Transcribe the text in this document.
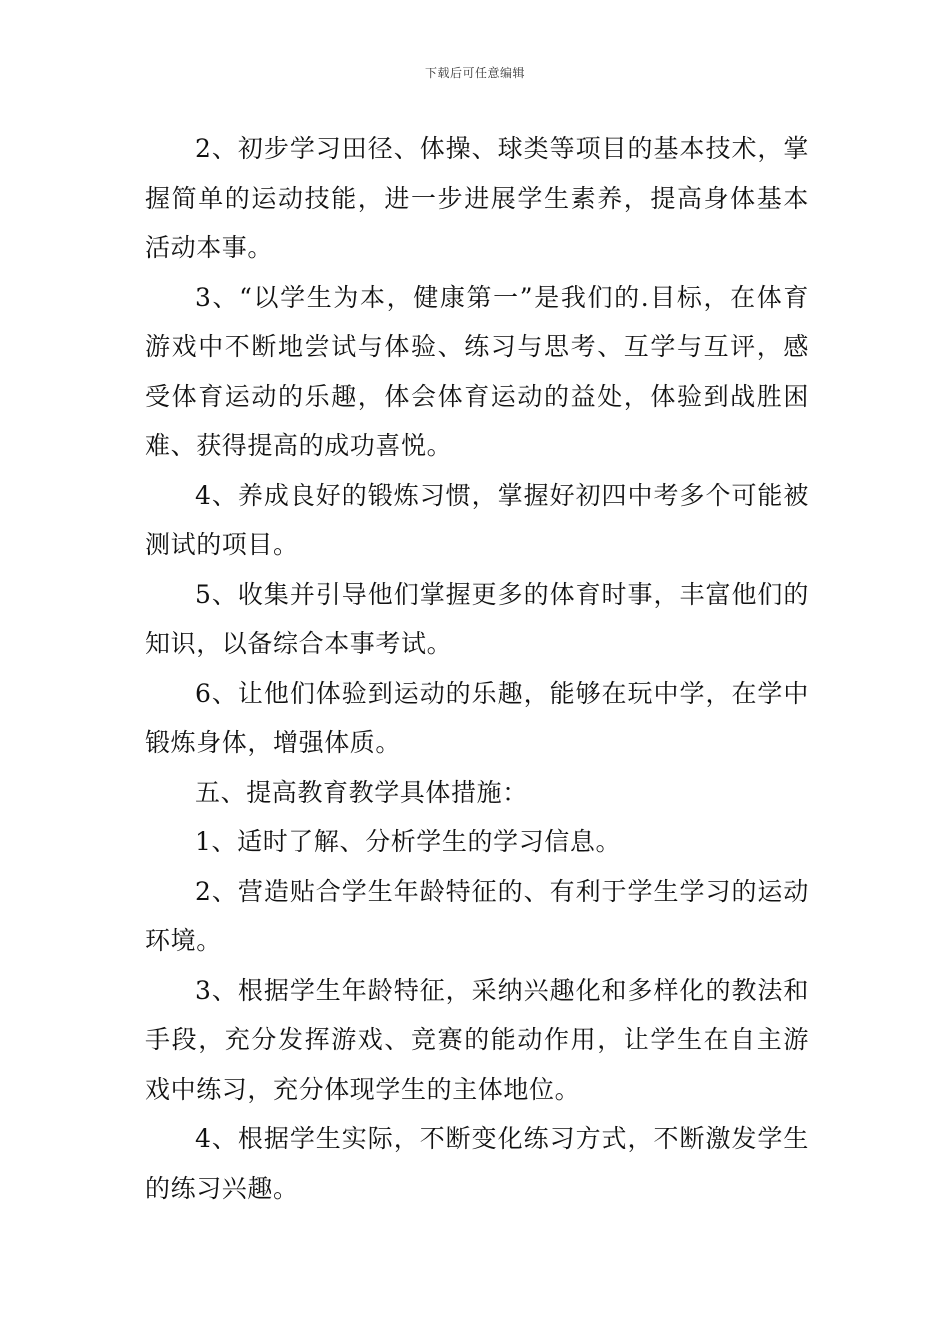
下载后可任意编辑

2、初步学习田径、体操、球类等项目的基本技术，掌握简单的运动技能，进一步进展学生素养，提高身体基本活动本事。

3、“以学生为本，健康第一”是我们的.目标，在体育游戏中不断地尝试与体验、练习与思考、互学与互评，感受体育运动的乐趣，体会体育运动的益处，体验到战胜困难、获得提高的成功喜悦。

4、养成良好的锻炼习惯，掌握好初四中考多个可能被测试的项目。

5、收集并引导他们掌握更多的体育时事，丰富他们的知识，以备综合本事考试。

6、让他们体验到运动的乐趣，能够在玩中学，在学中锻炼身体，增强体质。

五、提高教育教学具体措施：

1、适时了解、分析学生的学习信息。

2、营造贴合学生年龄特征的、有利于学生学习的运动环境。

3、根据学生年龄特征，采纳兴趣化和多样化的教法和手段，充分发挥游戏、竞赛的能动作用，让学生在自主游戏中练习，充分体现学生的主体地位。

4、根据学生实际，不断变化练习方式，不断激发学生的练习兴趣。
